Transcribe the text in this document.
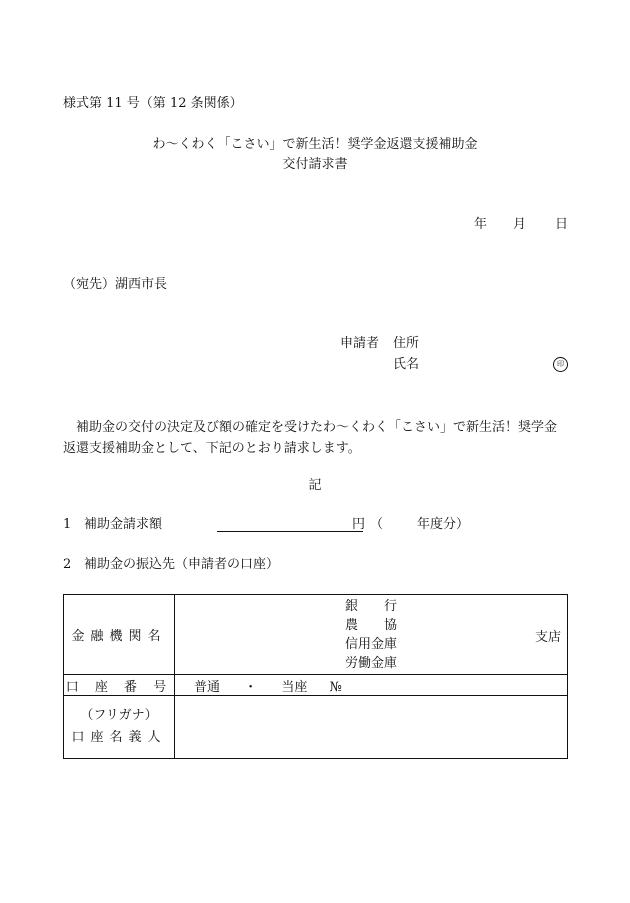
様式第 11 号（第 12 条関係）
わ～くわく「こさい」で新生活！奨学金返還支援補助金
交付請求書
年 月 日
（宛先）湖西市長
申請者 住所
氏名	印
補助金の交付の決定及び額の確定を受けたわ～くわく「こさい」で新生活！奨学金返還支援補助金として、下記のとおり請求します。
記
1 補助金請求額	円 （	年度分）
2 補助金の振込先（申請者の口座）
金融機関名	銀　　行
農　　協
信用金庫
労働金庫
支店

口 座 番 号	普通 ・ 当座 №

（フリガナ）
口座名義人	
